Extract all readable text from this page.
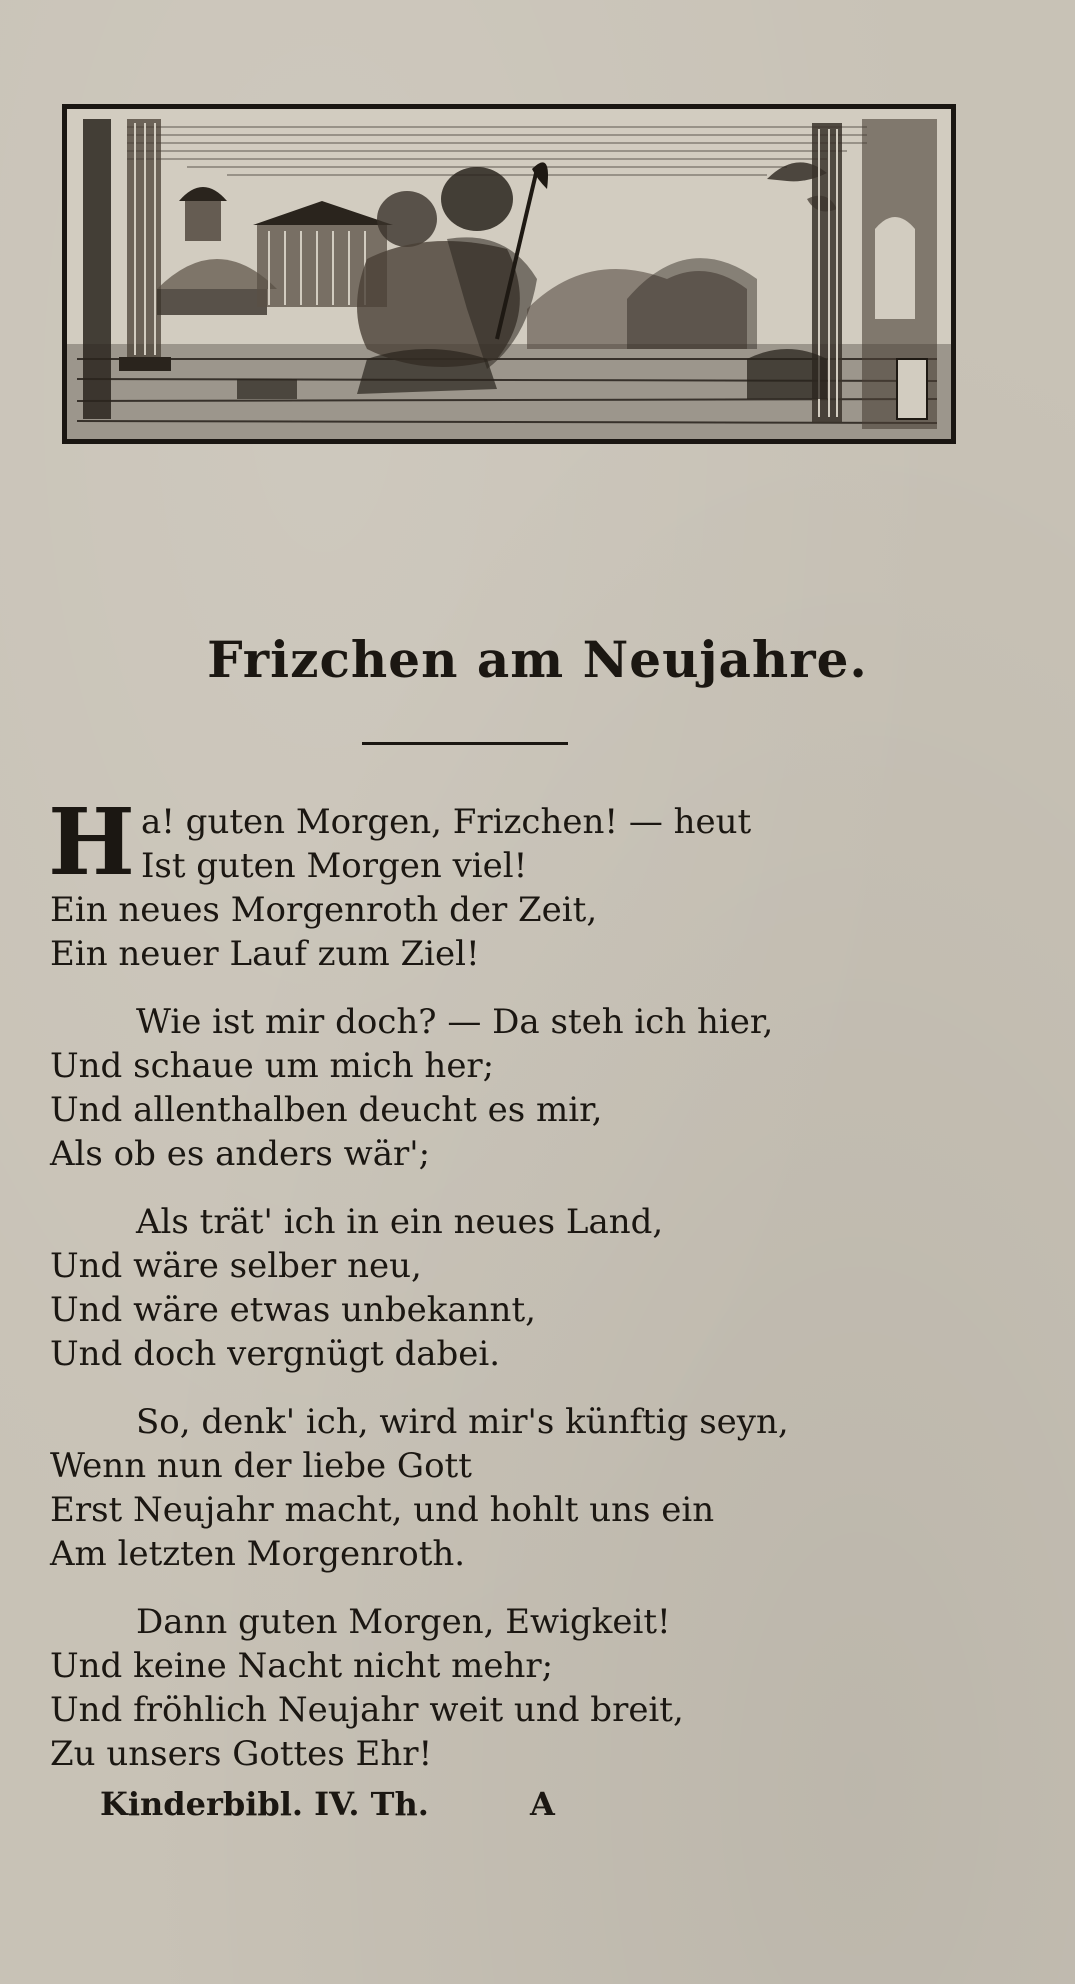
Frizchen am Neujahre.
H a! guten Morgen, Frizchen! — heut
Ist guten Morgen viel!
Ein neues Morgenroth der Zeit,
Ein neuer Lauf zum Ziel!
Wie ist mir doch? — Da steh ich hier,
Und schaue um mich her;
Und allenthalben deucht es mir,
Als ob es anders wär';
Als trät' ich in ein neues Land,
Und wäre selber neu,
Und wäre etwas unbekannt,
Und doch vergnügt dabei.
So, denk' ich, wird mir's künftig seyn,
Wenn nun der liebe Gott
Erst Neujahr macht, und hohlt uns ein
Am letzten Morgenroth.
Dann guten Morgen, Ewigkeit!
Und keine Nacht nicht mehr;
Und fröhlich Neujahr weit und breit,
Zu unsers Gottes Ehr!
Kinderbibl. IV. Th.	A
